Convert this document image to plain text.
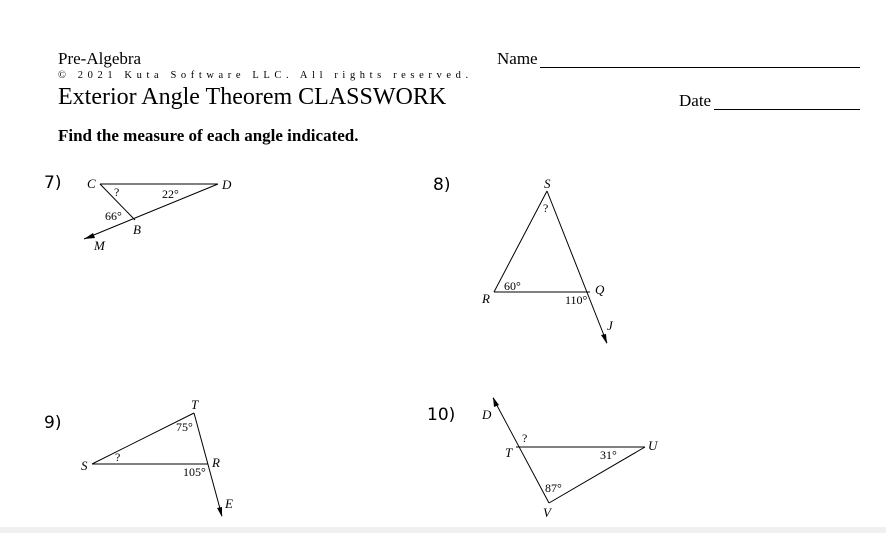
Pre-Algebra	Name
© 2021 Kuta Software LLC. All rights reserved.
Exterior Angle Theorem CLASSWORK	Date
Find the measure of each angle indicated.
7)	8)
9)	10)
C	D
B
M
?	22°
66°
S
R
Q
J
?
60°
110°
T
S	R
E
?
75°
105°
D
T	U
V
?
31°
87°
